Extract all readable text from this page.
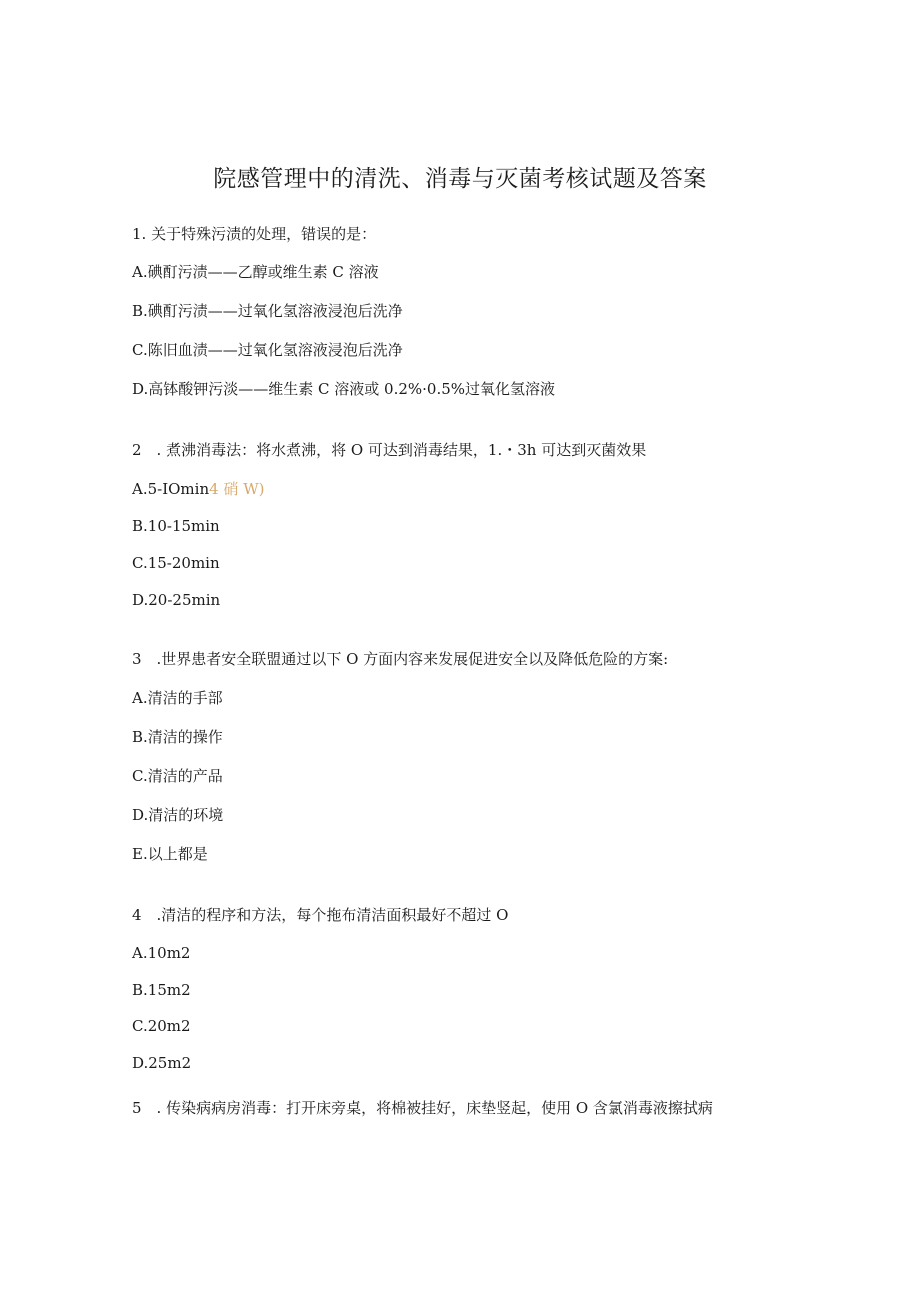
院感管理中的清洗、消毒与灭菌考核试题及答案

1. 关于特殊污渍的处理，错误的是：

A.碘酊污渍——乙醇或维生素 C 溶液

B.碘酊污渍——过氧化氢溶液浸泡后洗净

C.陈旧血渍——过氧化氢溶液浸泡后洗净

D.高钵酸钾污淡——维生素 C 溶液或 0.2%·0.5%过氧化氢溶液

2　. 煮沸消毒法：将水煮沸，将 O 可达到消毒结果，1.・3h 可达到灭菌效果

A.5-IOmin4 硝 W)

B.10-15min

C.15-20min

D.20-25min

3　.世界患者安全联盟通过以下 O 方面内容来发展促进安全以及降低危险的方案:

A.清洁的手部

B.清洁的操作

C.清洁的产品

D.清洁的环境

E.以上都是

4　.清洁的程序和方法，每个拖布清洁面积最好不超过 O

A.10m2

B.15m2

C.20m2

D.25m2

5　. 传染病病房消毒：打开床旁桌，将棉被挂好，床垫竖起，使用 O 含氯消毒液擦拭病
